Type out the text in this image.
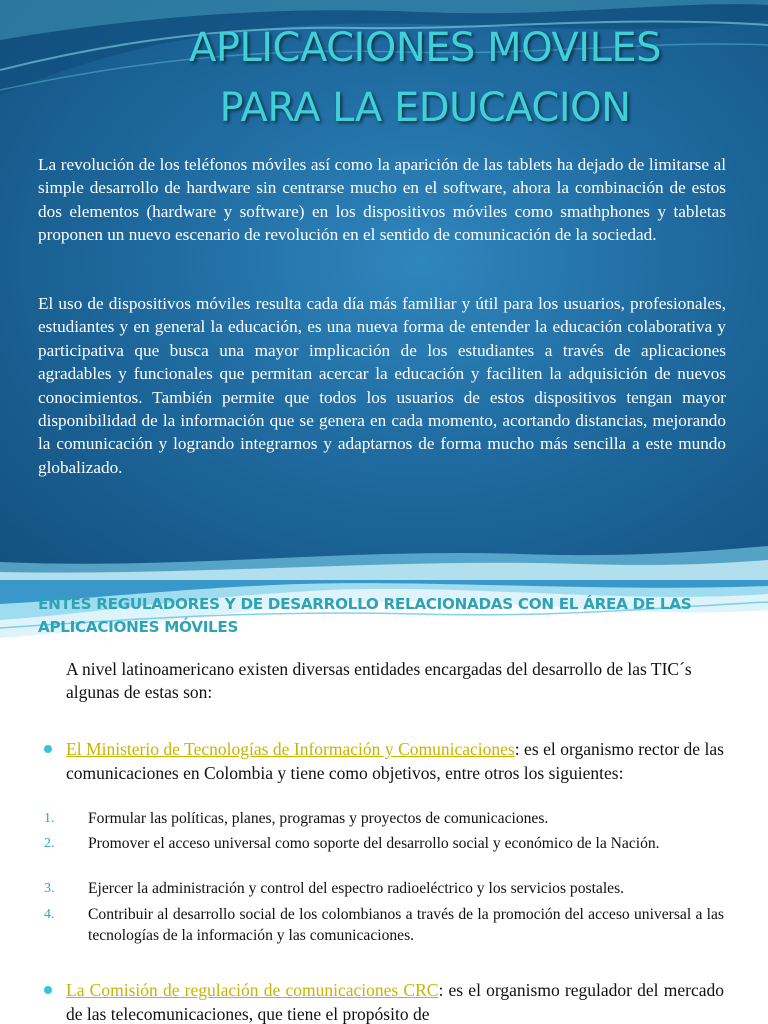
APLICACIONES MOVILES
PARA LA EDUCACION

La revolución de los teléfonos móviles así como la aparición de las tablets ha dejado de limitarse al simple desarrollo de hardware sin centrarse mucho en el software, ahora la combinación de estos dos elementos (hardware y software) en los dispositivos móviles como smathphones y tabletas proponen un nuevo escenario de revolución en el sentido de comunicación de la sociedad.

El uso de dispositivos móviles resulta cada día más familiar y útil para los usuarios, profesionales, estudiantes y en general la educación, es una nueva forma de entender la educación colaborativa y participativa que busca una mayor implicación de los estudiantes a través de aplicaciones agradables y funcionales que permitan acercar la educación y faciliten la adquisición de nuevos conocimientos. También permite que todos los usuarios de estos dispositivos tengan mayor disponibilidad de la información que se genera en cada momento, acortando distancias, mejorando la comunicación y logrando integrarnos y adaptarnos de forma mucho más sencilla a este mundo globalizado.

ENTES REGULADORES Y DE DESARROLLO RELACIONADAS CON EL ÁREA DE LAS APLICACIONES MÓVILES

A nivel latinoamericano existen diversas entidades encargadas del desarrollo de las TIC´s algunas de estas son:

El Ministerio de Tecnologías de Información y Comunicaciones: es el organismo rector de las comunicaciones en Colombia y tiene como objetivos, entre otros los siguientes:
1.	Formular las políticas, planes, programas y proyectos de comunicaciones.
2.	Promover el acceso universal como soporte del desarrollo social y económico de la Nación.
3.	Ejercer la administración y control del espectro radioeléctrico y los servicios postales.
4.	Contribuir al desarrollo social de los colombianos a través de la promoción del acceso universal a las tecnologías de la información y las comunicaciones.
La Comisión de regulación de comunicaciones CRC: es el organismo regulador del mercado de las telecomunicaciones, que tiene el propósito de
